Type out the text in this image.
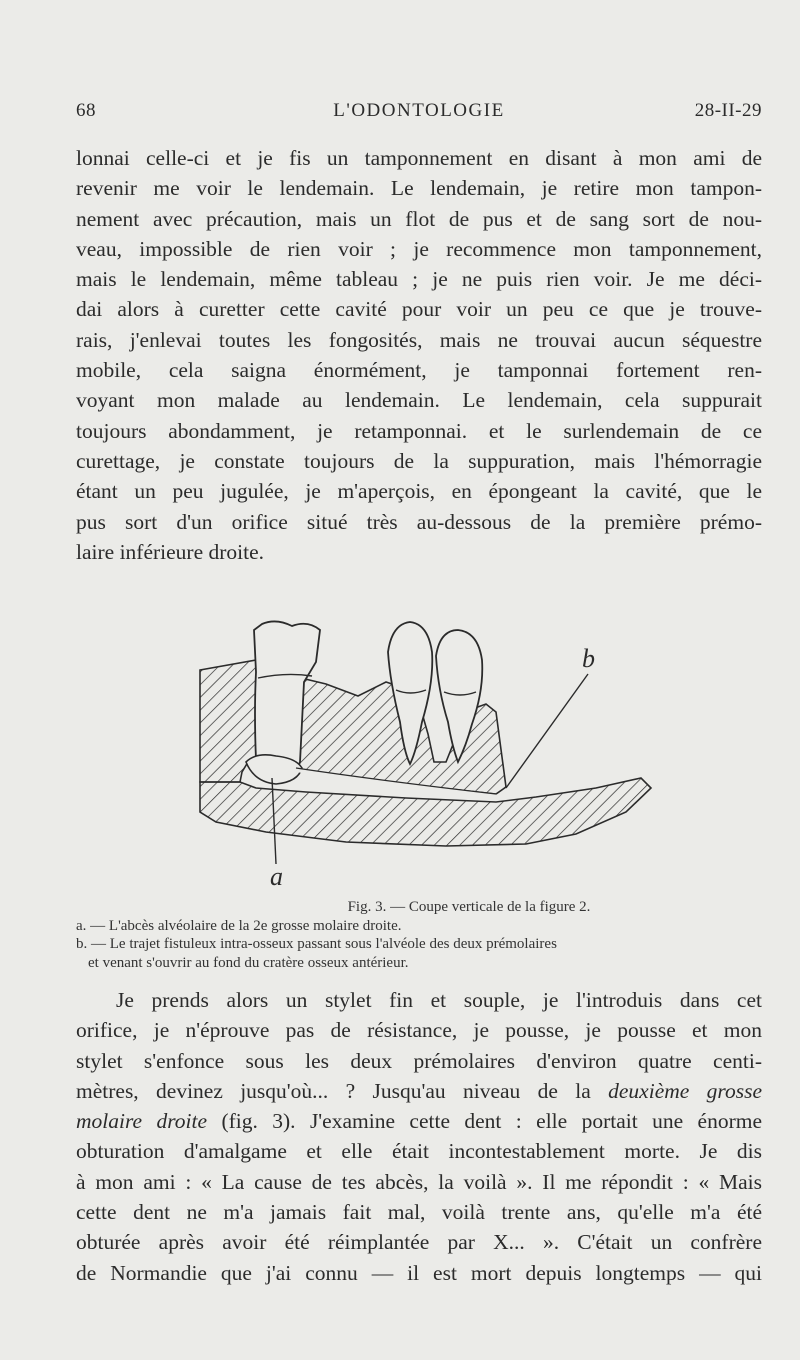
68	L'ODONTOLOGIE	28-II-29
lonnai celle-ci et je fis un tamponnement en disant à mon ami de
revenir me voir le lendemain. Le lendemain, je retire mon tampon-
nement avec précaution, mais un flot de pus et de sang sort de nou-
veau, impossible de rien voir ; je recommence mon tamponnement,
mais le lendemain, même tableau ; je ne puis rien voir. Je me déci-
dai alors à curetter cette cavité pour voir un peu ce que je trouve-
rais, j'enlevai toutes les fongosités, mais ne trouvai aucun séquestre
mobile, cela saigna énormément, je tamponnai fortement ren-
voyant mon malade au lendemain. Le lendemain, cela suppurait
toujours abondamment, je retamponnai. et le surlendemain de ce
curettage, je constate toujours de la suppuration, mais l'hémorragie
étant un peu jugulée, je m'aperçois, en épongeant la cavité, que le
pus sort d'un orifice situé très au-dessous de la première prémo-
laire inférieure droite.
a
b
Fig. 3. — Coupe verticale de la figure 2.
a. — L'abcès alvéolaire de la 2e grosse molaire droite.
b. — Le trajet fistuleux intra-osseux passant sous l'alvéole des deux prémolaires
et venant s'ouvrir au fond du cratère osseux antérieur.
Je prends alors un stylet fin et souple, je l'introduis dans cet
orifice, je n'éprouve pas de résistance, je pousse, je pousse et mon
stylet s'enfonce sous les deux prémolaires d'environ quatre centi-
mètres, devinez jusqu'où... ? Jusqu'au niveau de la deuxième grosse
molaire droite (fig. 3). J'examine cette dent : elle portait une énorme
obturation d'amalgame et elle était incontestablement morte. Je dis
à mon ami : « La cause de tes abcès, la voilà ». Il me répondit : « Mais
cette dent ne m'a jamais fait mal, voilà trente ans, qu'elle m'a été
obturée après avoir été réimplantée par X... ». C'était un confrère
de Normandie que j'ai connu — il est mort depuis longtemps — qui
